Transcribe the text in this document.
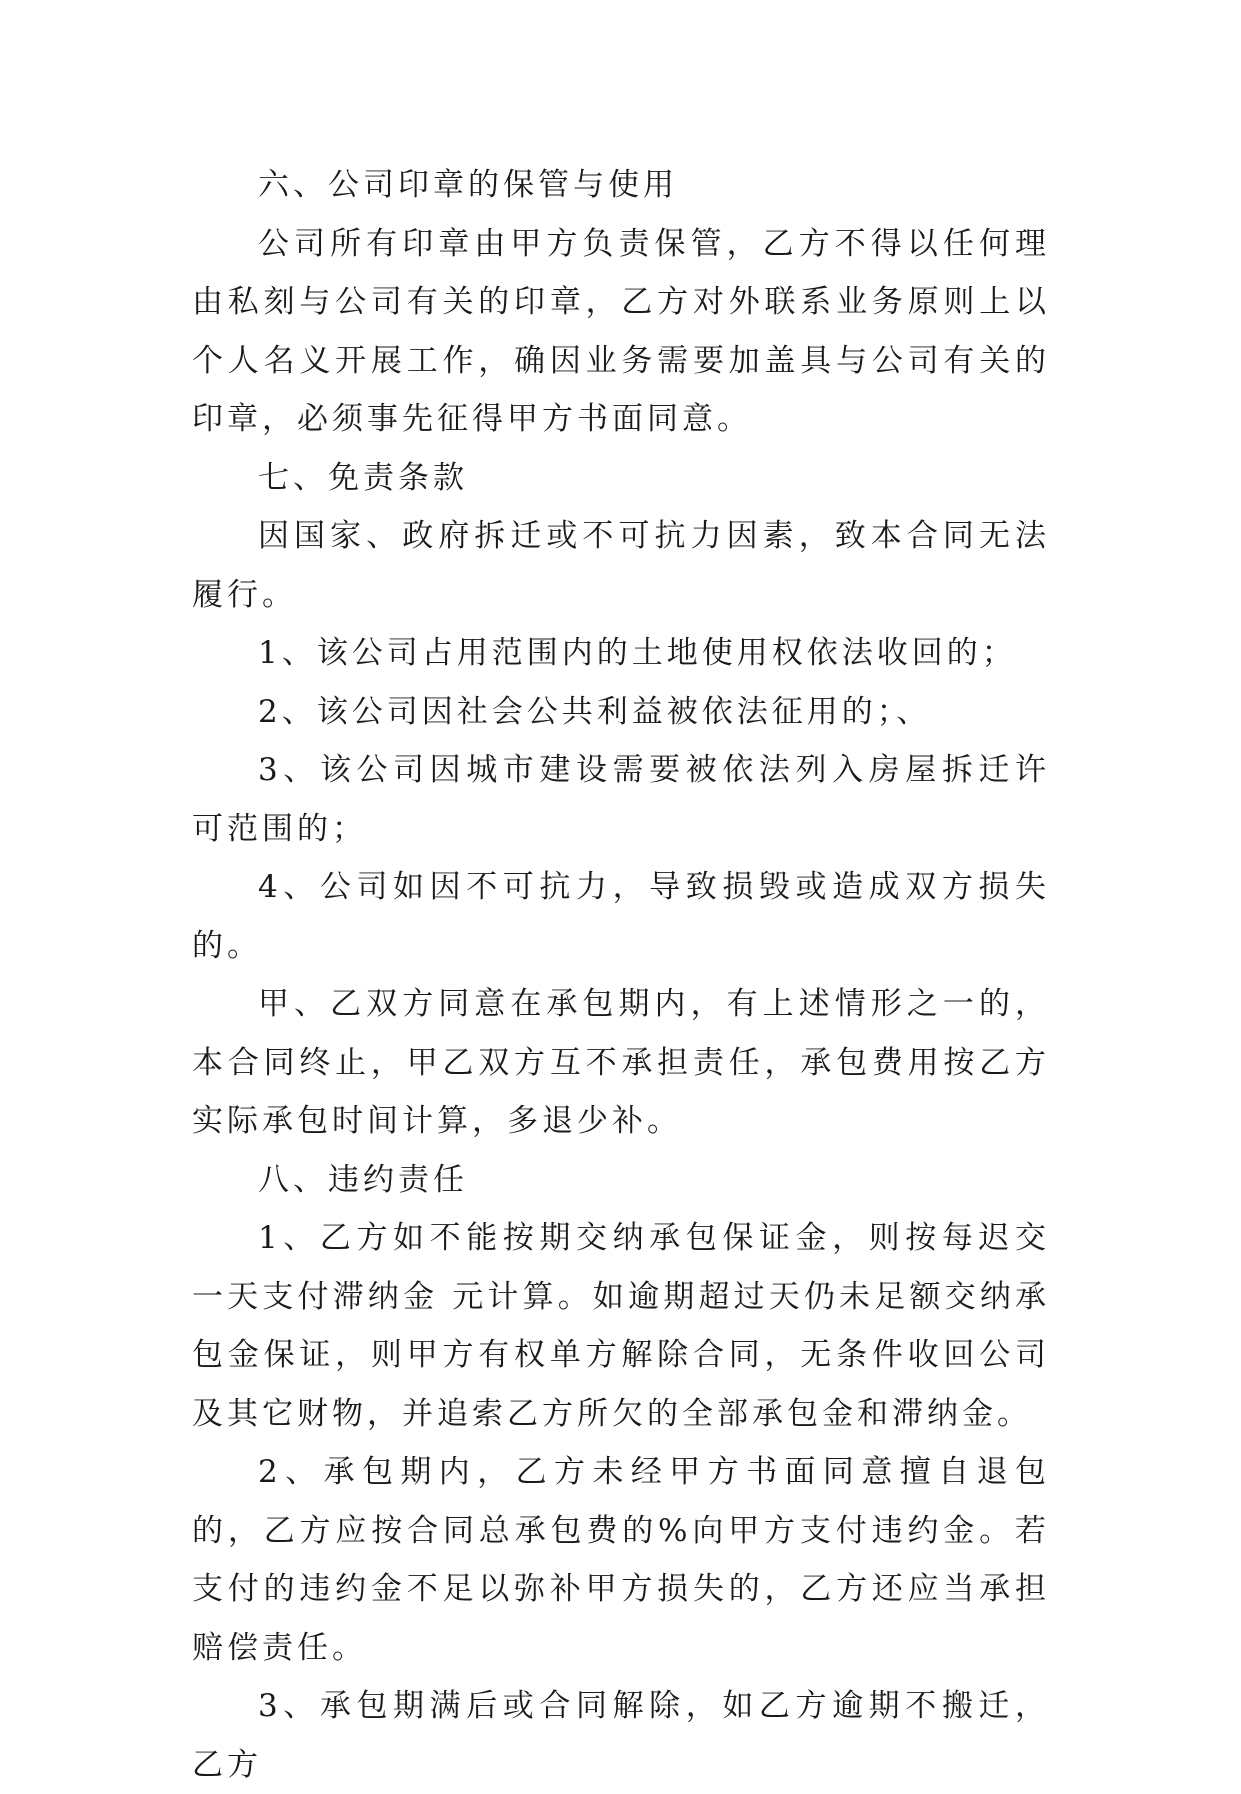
六、公司印章的保管与使用

公司所有印章由甲方负责保管，乙方不得以任何理由私刻与公司有关的印章，乙方对外联系业务原则上以个人名义开展工作，确因业务需要加盖具与公司有关的印章，必须事先征得甲方书面同意。

七、免责条款

因国家、政府拆迁或不可抗力因素，致本合同无法履行。

1、该公司占用范围内的土地使用权依法收回的；

2、该公司因社会公共利益被依法征用的；、

3、该公司因城市建设需要被依法列入房屋拆迁许可范围的；

4、公司如因不可抗力，导致损毁或造成双方损失的。

甲、乙双方同意在承包期内，有上述情形之一的，本合同终止，甲乙双方互不承担责任，承包费用按乙方实际承包时间计算，多退少补。

八、违约责任

1、乙方如不能按期交纳承包保证金，则按每迟交一天支付滞纳金 元计算。如逾期超过天仍未足额交纳承包金保证，则甲方有权单方解除合同，无条件收回公司及其它财物，并追索乙方所欠的全部承包金和滞纳金。

2、承包期内，乙方未经甲方书面同意擅自退包的，乙方应按合同总承包费的%向甲方支付违约金。若支付的违约金不足以弥补甲方损失的，乙方还应当承担赔偿责任。

3、承包期满后或合同解除，如乙方逾期不搬迁，乙方
